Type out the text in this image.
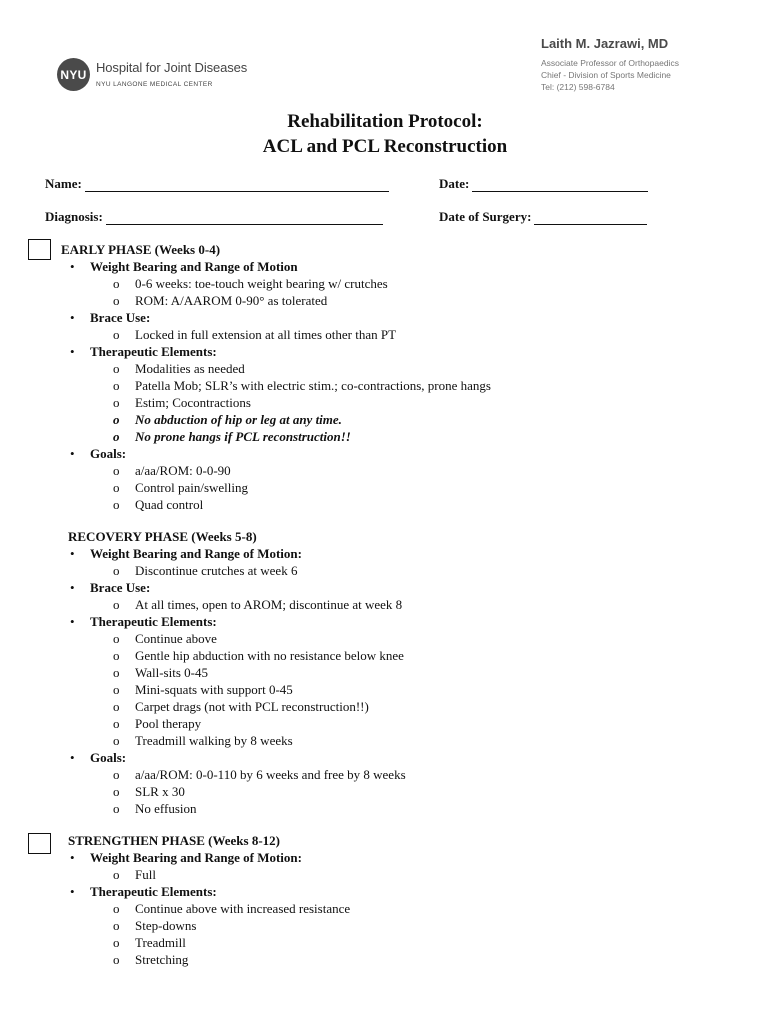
NYU Hospital for Joint Diseases
NYU LANGONE MEDICAL CENTER
Laith M. Jazrawi, MD
Associate Professor of Orthopaedics
Chief - Division of Sports Medicine
Tel: (212) 598-6784
Rehabilitation Protocol:
ACL and PCL Reconstruction
Name:	Date:
Diagnosis:	Date of Surgery:
EARLY PHASE (Weeks 0-4)
• Weight Bearing and Range of Motion
o 0-6 weeks: toe-touch weight bearing w/ crutches
o ROM: A/AAROM 0-90° as tolerated
• Brace Use:
o Locked in full extension at all times other than PT
• Therapeutic Elements:
o Modalities as needed
o Patella Mob; SLR’s with electric stim.; co-contractions, prone hangs
o Estim; Cocontractions
o No abduction of hip or leg at any time.
o No prone hangs if PCL reconstruction!!
• Goals:
o a/aa/ROM: 0-0-90
o Control pain/swelling
o Quad control
RECOVERY PHASE (Weeks 5-8)
• Weight Bearing and Range of Motion:
o Discontinue crutches at week 6
• Brace Use:
o At all times, open to AROM; discontinue at week 8
• Therapeutic Elements:
o Continue above
o Gentle hip abduction with no resistance below knee
o Wall-sits 0-45
o Mini-squats with support 0-45
o Carpet drags (not with PCL reconstruction!!)
o Pool therapy
o Treadmill walking by 8 weeks
• Goals:
o a/aa/ROM: 0-0-110 by 6 weeks and free by 8 weeks
o SLR x 30
o No effusion
STRENGTHEN PHASE (Weeks 8-12)
• Weight Bearing and Range of Motion:
o Full
• Therapeutic Elements:
o Continue above with increased resistance
o Step-downs
o Treadmill
o Stretching
